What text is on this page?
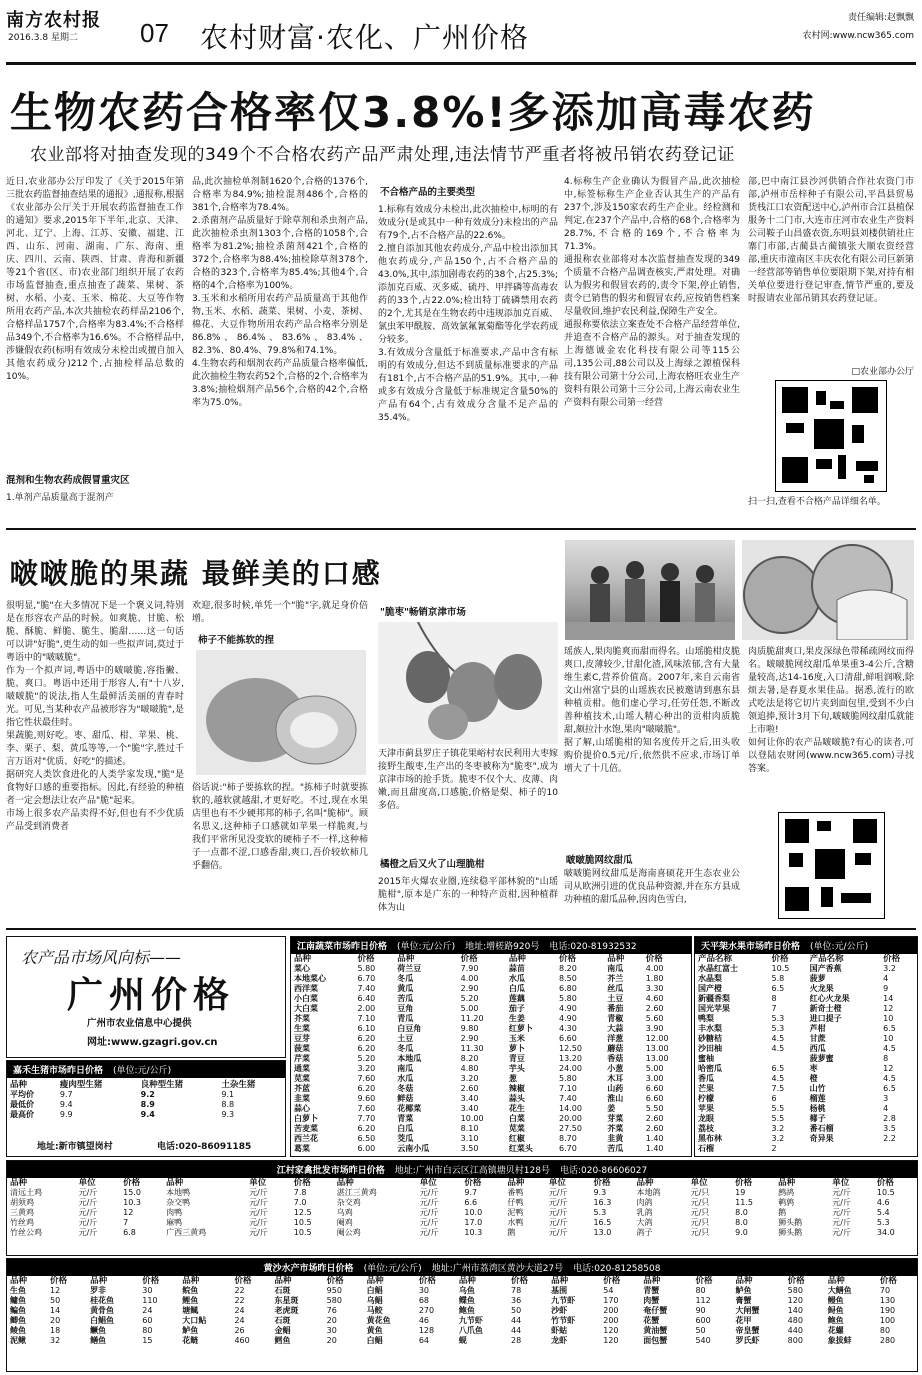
南方农村报
2016.3.8 星期二 07 农村财富·农化、广州价格
责任编辑:赵飘飘
农村网:www.ncw365.com
生物农药合格率仅3.8%!多添加高毒农药
农业部将对抽查发现的349个不合格农药产品严肃处理,违法情节严重者将被吊销农药登记证
近日,农业部办公厅印发了《关于2015年第三批农药监督抽查结果的通报》,通报称,根据《农业部办公厅关于开展农药监督抽查工作的通知》要求,2015年下半年,北京、天津、河北、辽宁、上海、江苏、安徽、福建、江西、山东、河南、湖南、广东、海南、重庆、四川、云南、陕西、甘肃、青海和新疆等21个省(区、市)农业部门组织开展了农药市场监督抽查,重点抽查了蔬菜、果树、茶树、水稻、小麦、玉米、棉花、大豆等作物所用农药产品,本次共抽检农药样品2106个,合格样品1757个,合格率为83.4%;不合格样品349个,不合格率为16.6%。不合格样品中,涉嫌假农药(标明有效成分未检出或擅自加入其他农药成分)212个,占抽检样品总数的10%。
混剂和生物农药成假冒重灾区
1.单剂产品质量高于混剂产
品,此次抽检单剂制1620个,合格的1376个,合格率为84.9%;抽检混剂486个,合格的381个,合格率为78.4%。
2.杀菌剂产品质量好于除草剂和杀虫剂产品,此次抽检杀虫剂1303个,合格的1058个,合格率为81.2%;抽检杀菌剂421个,合格的372个,合格率为88.4%;抽检除草剂378个,合格的323个,合格率为85.4%;其他4个,合格的4个,合格率为100%。
3.玉米和水稻所用农药产品质量高于其他作物,玉米、水稻、蔬菜、果树、小麦、茶树、棉花、大豆作物所用农药产品合格率分别是86.8%、86.4%、83.6%、83.4%、82.3%、80.4%、79.8%和74.1%。
4.生物农药和烟剂农药产品质量合格率偏低,此次抽检生物农药52个,合格的2个,合格率为3.8%;抽检烟剂产品56个,合格的42个,合格率为75.0%。
不合格产品的主要类型
1.标称有效成分未检出,此次抽检中,标明的有效成分(是或其中一种有效成分)未检出的产品有79个,占不合格产品的22.6%。
2.擅自添加其他农药成分,产品中检出添加其他农药成分,产品150个,占不合格产品的43.0%,其中,添加剧毒农药的38个,占25.3%;添加克百威、灭多威、硫丹、甲拌磷等高毒农药的33个,占22.0%;检出特丁硫磷禁用农药的2个,尤其是在生物农药中违规添加克百威、氯虫苯甲酰胺、高效氯氟氰菊酯等化学农药成分较多。
3.有效成分含量低于标准要求,产品中含有标明的有效成分,但达不到质量标准要求的产品有181个,占不合格产品的51.9%。其中,一种或多有效成分含量低于标准规定含量50%的产品有64个,占有效成分含量不足产品的35.4%。
4.标称生产企业确认为假冒产品,此次抽检中,标签标称生产企业否认其生产的产品有237个,涉及150家农药生产企业。经检测和判定,在237个产品中,合格的68个,合格率为28.7%,不合格的169个,不合格率为71.3%。
通报称农业部将对本次监督抽查发现的349个质量不合格产品调查核实,严肃处理。对确认为假劣和假冒农药的,责令下架,停止销售,责令已销售的假劣和假冒农药,应按销售档案尽量收回,维护农民利益,保障生产安全。
通报称要依法立案查处不合格产品经营单位,并追查不合格产品的源头。对于抽查发现的上海德诚金农化科技有限公司等115公司,135公司,88公司以及上海绿之源植保科技有限公司第十分公司,上海农格旺农业生产资料有限公司第十三分公司,上海云南农业生产资料有限公司第一经营
部,巴中南江县沙河供销合作社农资门市部,泸州市岳梓种子有限公司,平昌县贸易货栈江口农资配送中心,泸州市合江县植保服务十二门市,大连市庄河市农业生产资料公司鞍子山昌盛农资,东明县刘楼供销社庄寨门市部,古蔺县古蔺镇张大顺农资经营部,重庆市潼南区丰庆农化有限公司巨新第一经营部等销售单位要限期下架,对持有相关单位要进行登记审查,情节严重的,要及时报请农业部吊销其农药登记证。
□农业部办公厅
扫一扫,查看不合格产品详细名单。
啵啵脆的果蔬 最鲜美的口感
很明显,"脆"在大多情况下是一个褒义词,特别是在形容农产品的时候。如爽脆、甘脆、松脆、酥脆、鲜脆、脆生、脆甜……这一句话可以讲"好脆",更生动的如一些拟声词,莫过于粤语中的"啵啵脆"。
作为一个拟声词,粤语中的啵啵脆,容指撇、脆、爽口。粤语中还用于形容人,有"十八岁,啵啵脆"的说法,指人生最鲜活美丽的青春时光。可见,当某种农产品被形容为"啵啵脆",是指它性状最佳时。
果蔬脆,则好吃。枣、甜瓜、柑、苹果、桃、李、栗子、梨、黄瓜等等,一个"脆"字,胜过千言万语对"优质、好吃"的描述。
据研究人类饮食进化的人类学家发现,"脆"是食物好口感的重要指标。因此,有经验的种植者一定会想法让农产品"脆"起来。
市场上很多农产品卖得不好,但也有不少优质产品受到消费者
欢迎,很多时候,单凭一个"脆"字,就足身价倍增。
柿子不能拣软的捏
俗话说:"柿子要拣软的捏。"拣柿子时就要拣软的,越软就越甜,才更好吃。不过,现在水果店里也有不少硬邦邦的柿子,名叫"脆柿"。顾名思义,这种柿子口感就如苹果一样脆爽,与我们平常所见没变软的硬柿子不一样,这种柿子一点都不涩,口感香甜,爽口,吾价较软柿几乎翻倍。
"脆枣"畅销京津市场
天津市蓟县罗庄子镇花果峪村农民利用大枣嫁接野生酸枣,生产出的冬枣被称为"脆枣",成为京津市场的抢手货。脆枣不仅个大、皮薄、肉嫩,而且甜度高,口感脆,价格是梨、柿子的10多倍。
橘橙之后又火了山理脆柑
2015年火爆农业圈,连续稳平部林貌的"山瑶脆柑",原本是广东的一种特产贡柑,因种植群体为山
瑶族人,果肉脆爽而甜而得名。山瑶脆柑皮脆爽口,皮薄较少,甘甜化渣,风味浓郁,含有大量维生素C,营养价值高。2007年,来自云南省文山州富宁县的山瑶族农民被邀请到惠东县种植贡柑。他们虚心学习,任劳任怨,不断改善种植技术,山瑶人精心种出的贡柑肉质脆甜,颇拉汁水饱,果肉"啵啵脆"。
据了解,山瑶脆柑的知名度传开之后,田头收购价提价0.5元/斤,依然供不应求,市场订单增大了十几倍。
啵啵脆网纹甜瓜
啵啵脆网纹甜瓜是海南喜硕花开生态农业公司从欧洲引进的优良品种资源,并在东方县成功种植的甜瓜品种,因肉色雪白,
肉质脆甜爽口,果皮深绿色带稀疏网纹而得名。啵啵脆网纹甜瓜单果重3-4公斤,含糖量较高,达14-16度,入口清甜,鲜咀润喉,除烦去暑,是春夏水果佳品。据悉,流行的欧式吃法是将它切片夹到面包里,受到不少白领追捧,预计3月下旬,啵啵脆网纹甜瓜就能上市啦!
如何让你的农产品啵啵脆?有心的读者,可以登陆农财网(www.ncw365.com)寻找答案。
农产品市场风向标——
广州价格
广州市农业信息中心提供
网址:www.gzagri.gov.cn
嘉禾生猪市场昨日价格 (单位:元/公斤)
品种	瘦肉型生猪	良种型生猪	土杂生猪
平均价	9.7	9.2	9.1
最低价	9.4	8.9	8.8
最高价	9.9	9.4	9.3
地址:新市镇望岗村	电话:020-86091185
江南蔬菜市场昨日价格 (单位:元/公斤) 地址:增槎路920号 电话:020-81932532
品种	价格	品种	价格	品种	价格	品种	价格
菜心	5.80	荷兰豆	7.90	蒜苗	8.20	南瓜	4.00
本地菜心	6.70	冬瓜	4.00	水瓜	8.50	芥兰	1.80
西洋菜	7.40	黄瓜	2.90	白瓜	6.80	丝瓜	3.30
小白菜	6.40	苦瓜	5.20	莲藕	5.80	土豆	4.60
大白菜	2.00	豆角	5.00	茄子	4.90	番茄	2.60
芥菜	7.10	青瓜	11.20	生姜	4.90	青椒	5.60
生菜	6.10	白豆角	9.80	红萝卜	4.30	大蒜	3.90
豆芽	6.20	土豆	2.90	玉米	6.60	洋葱	12.00
菠菜	6.20	冬瓜	11.30	萝卜	12.50	蘑菇	13.00
芹菜	5.20	本地瓜	8.20	青豆	13.20	香菇	13.00
通菜	3.20	南瓜	4.80	芋头	24.00	小葱	5.00
苋菜	7.60	水瓜	3.20	葱	5.80	木耳	3.00
芥蓝	6.20	冬菇	2.60	辣椒	7.10	山药	6.60
韭菜	9.60	鲜菇	3.40	蒜头	7.40	淮山	6.60
蒜心	7.60	花椰菜	3.40	花生	14.00	姜	5.50
白萝卜	7.70	青菜	10.00	白菜	20.00	芽菜	2.60
苦麦菜	6.20	白瓜	8.10	苋菜	27.50	芥菜	2.60
西兰花	6.50	茭瓜	3.10	红椒	8.70	韭黄	1.40
葛菜	6.00	云南小瓜	3.50	红菜头	6.70	苦瓜	1.40
天平架水果市场昨日价格 (单位:元/公斤)
产品名称	价格	产品名称	价格
水晶红富士	10.5	国产香蕉	3.2
水晶梨	5.8	菠萝	4
国产橙	6.5	火龙果	9
新疆香梨	8	红心火龙果	14
国光苹果	7	新奇士橙	12
鸭梨	5.3	进口提子	10
丰水梨	5.3	芦柑	6.5
砂糖桔	4.5	甘蔗	10
沙田柚	4.5	西瓜	4.5
蜜柚		菠萝蜜	8
哈密瓜	6.5	枣	12
香瓜	4.5	橙	4.5
芒果	7.5	山竹	6.5
柠檬	6	榴莲	3
苹果	5.5	杨桃	4
龙眼	5.5	椰子	2.8
荔枝	3.2	番石榴	3.5
黑布林	3.2	奇异果	2.2
石榴	2		
江村家禽批发市场昨日价格 地址:广州市白云区江高镇塘贝村128号 电话:020-86606027
品种	单位	价格	品种	单位	价格	品种	单位	价格	品种	单位	价格	品种	单位	价格	品种	单位	价格
清远土鸡	元/斤	15.0	本地鸭	元/斤	7.8	湛江三黄鸡	元/斤	9.7	番鸭	元/斤	9.3	本地鸽	元/只	19	鹧鸪	元/斤	10.5
胡须鸡	元/斤	10.3	杂交鸭	元/斤	7.0	杂交鸡	元/斤	6.6	仔鸭	元/斤	16.3	肉鸽	元/只	11.5	鹌鹑	元/斤	4.6
三黄鸡	元/斤	12	肉鸭	元/斤	12.5	乌鸡	元/斤	10.0	泥鸭	元/斤	5.3	乳鸽	元/只	8.0	鹅	元/斤	5.4
竹丝鸡	元/斤	7	麻鸭	元/斤	10.5	阉鸡	元/斤	17.0	水鸭	元/斤	16.5	大鸽	元/只	8.0	狮头鹅	元/斤	5.3
竹丝公鸡	元/斤	6.8	广西三黄鸡	元/斤	10.5	阉公鸡	元/斤	10.3	鹅	元/斤	13.0	鸽子	元/只	9.0	狮头鹅	元/斤	34.0
黄沙水产市场昨日价格 (单位:元/公斤) 地址:广州市荔湾区黄沙大道27号 电话:020-81258508
品种	价格	品种	价格	品种	价格	品种	价格	品种	价格	品种	价格	品种	价格	品种	价格	品种	价格	品种	价格
生鱼	12	罗非	30	鲩鱼	22	石斑	950	白鲳	30	乌鱼	78	基围	54	青蟹	80	鲈鱼	580	大鳝鱼	70
鳙鱼	50	桂花鱼	110	鲤鱼	22	东星斑	580	乌鲳	68	鲽鱼	36	九节虾	170	肉蟹	112	膏蟹	120	鳗鱼	130
鳊鱼	14	黄骨鱼	24	塘鲺	24	老虎斑	76	马鲛	270	鲍鱼	50	沙虾	200	奄仔蟹	90	大闸蟹	140	鲟鱼	190
鲫鱼	20	白鲳鱼	60	大口鲇	24	石斑	20	黄花鱼	46	九节虾	44	竹节虾	200	花蟹	600	花甲	480	鲍鱼	100
鲮鱼	18	鳜鱼	80	鲈鱼	26	金鲳	30	黄鱼	128	八爪鱼	44	虾蛄	120	黄油蟹	50	帝皇蟹	440	花螺	80
泥鳅	32	鳝鱼	15	花鲢	460	鳕鱼	20	白鲳	64	蚬	28	龙虾	120	面包蟹	540	罗氏虾	800	象拔蚌	280
